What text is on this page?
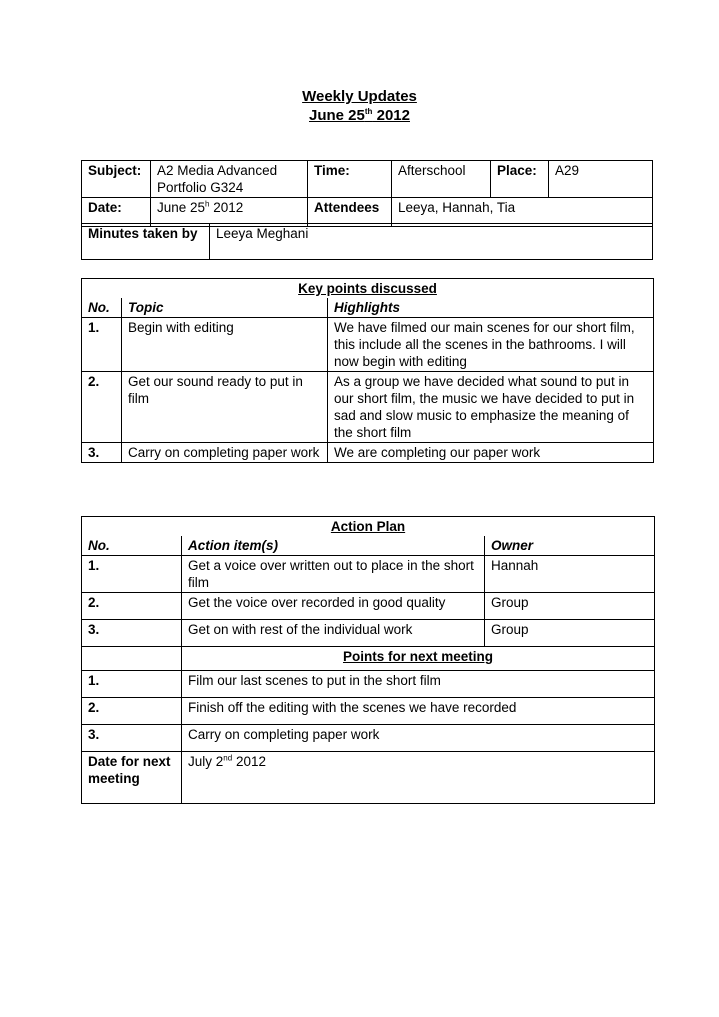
Weekly Updates
June 25th 2012
Subject:	A2 Media Advanced Portfolio G324	Time:	Afterschool	Place:	A29
Date:	June 25$^h$ 2012	Attendees	Leeya, Hannah, Tia		
Minutes taken by	Leeya Meghani
Key points discussed		
No.	Topic	Highlights
1.	Begin with editing	We have filmed our main scenes for our short film, this include all the scenes in the bathrooms. I will now begin with editing
2.	Get our sound ready to put in film	As a group we have decided what sound to put in our short film, the music we have decided to put in sad and slow music to emphasize the meaning of the short film
3.	Carry on completing paper work	We are completing our paper work
Action Plan		
No.	Action item(s)	Owner
1.	Get a voice over written out to place in the short film	Hannah
2.	Get the voice over recorded in good quality	Group
3.	Get on with rest of the individual work	Group
	Points for next meeting	
1.	Film our last scenes to put in the short film	
2.	Finish off the editing with the scenes we have recorded	
3.	Carry on completing paper work	
Date for next meeting	July 2nd 2012	
